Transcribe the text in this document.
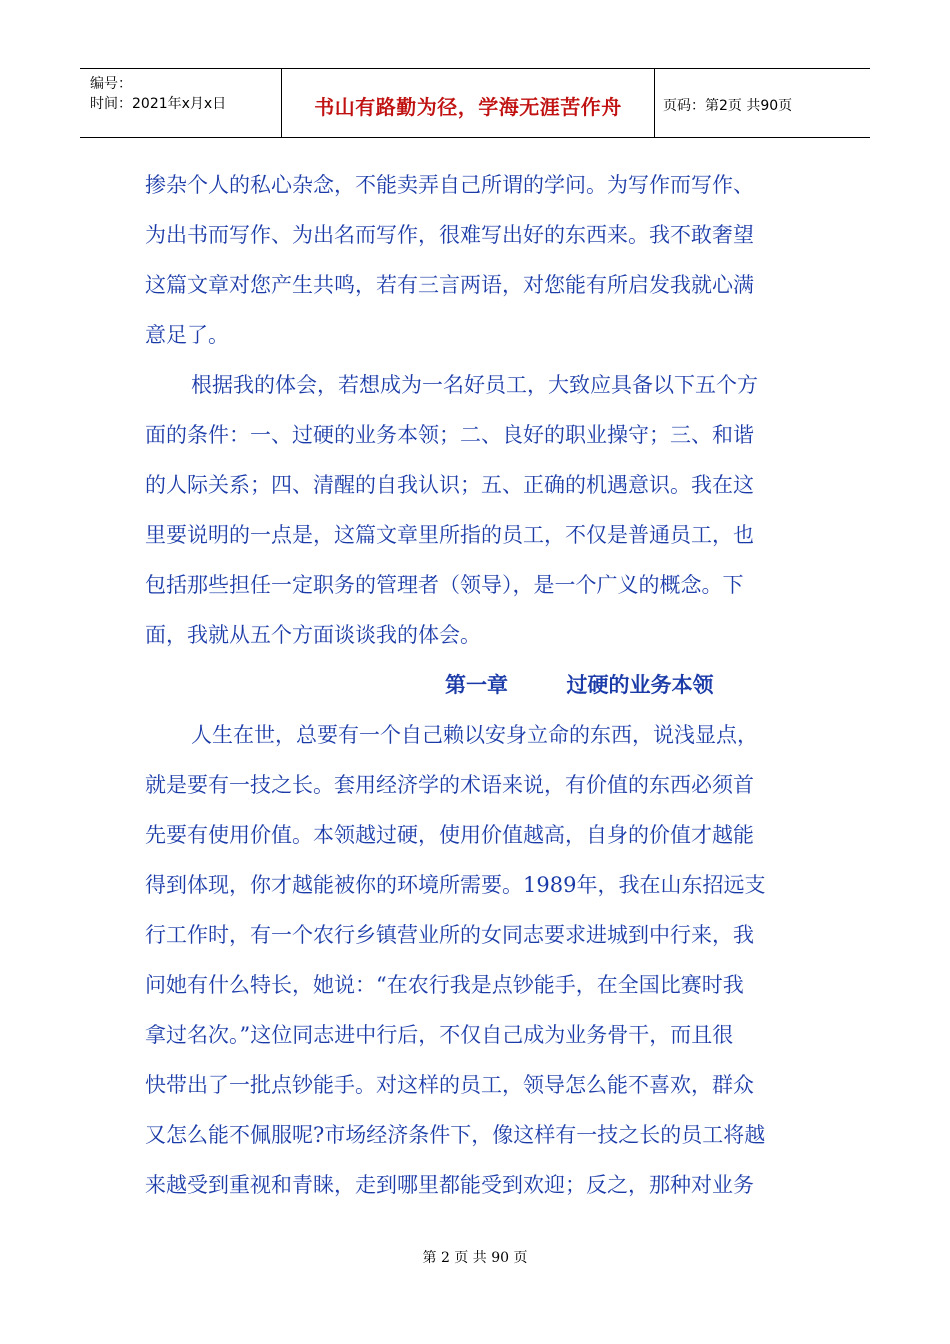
编号：
时间：2021年x月x日	书山有路勤为径，学海无涯苦作舟	页码：第2页 共90页
掺杂个人的私心杂念，不能卖弄自己所谓的学问。为写作而写作、
为出书而写作、为出名而写作，很难写出好的东西来。我不敢奢望
这篇文章对您产生共鸣，若有三言两语，对您能有所启发我就心满
意足了。
根据我的体会，若想成为一名好员工，大致应具备以下五个方
面的条件：一、过硬的业务本领；二、良好的职业操守；三、和谐
的人际关系；四、清醒的自我认识；五、正确的机遇意识。我在这
里要说明的一点是，这篇文章里所指的员工，不仅是普通员工，也
包括那些担任一定职务的管理者（领导），是一个广义的概念。下
面，我就从五个方面谈谈我的体会。
第一章        过硬的业务本领
人生在世，总要有一个自己赖以安身立命的东西，说浅显点，
就是要有一技之长。套用经济学的术语来说，有价值的东西必须首
先要有使用价值。本领越过硬，使用价值越高，自身的价值才越能
得到体现，你才越能被你的环境所需要。1989年，我在山东招远支
行工作时，有一个农行乡镇营业所的女同志要求进城到中行来，我
问她有什么特长，她说：“在农行我是点钞能手，在全国比赛时我
拿过名次。”这位同志进中行后，不仅自己成为业务骨干，而且很
快带出了一批点钞能手。对这样的员工，领导怎么能不喜欢，群众
又怎么能不佩服呢?市场经济条件下，像这样有一技之长的员工将越
来越受到重视和青睐，走到哪里都能受到欢迎；反之，那种对业务
第 2 页 共 90 页
